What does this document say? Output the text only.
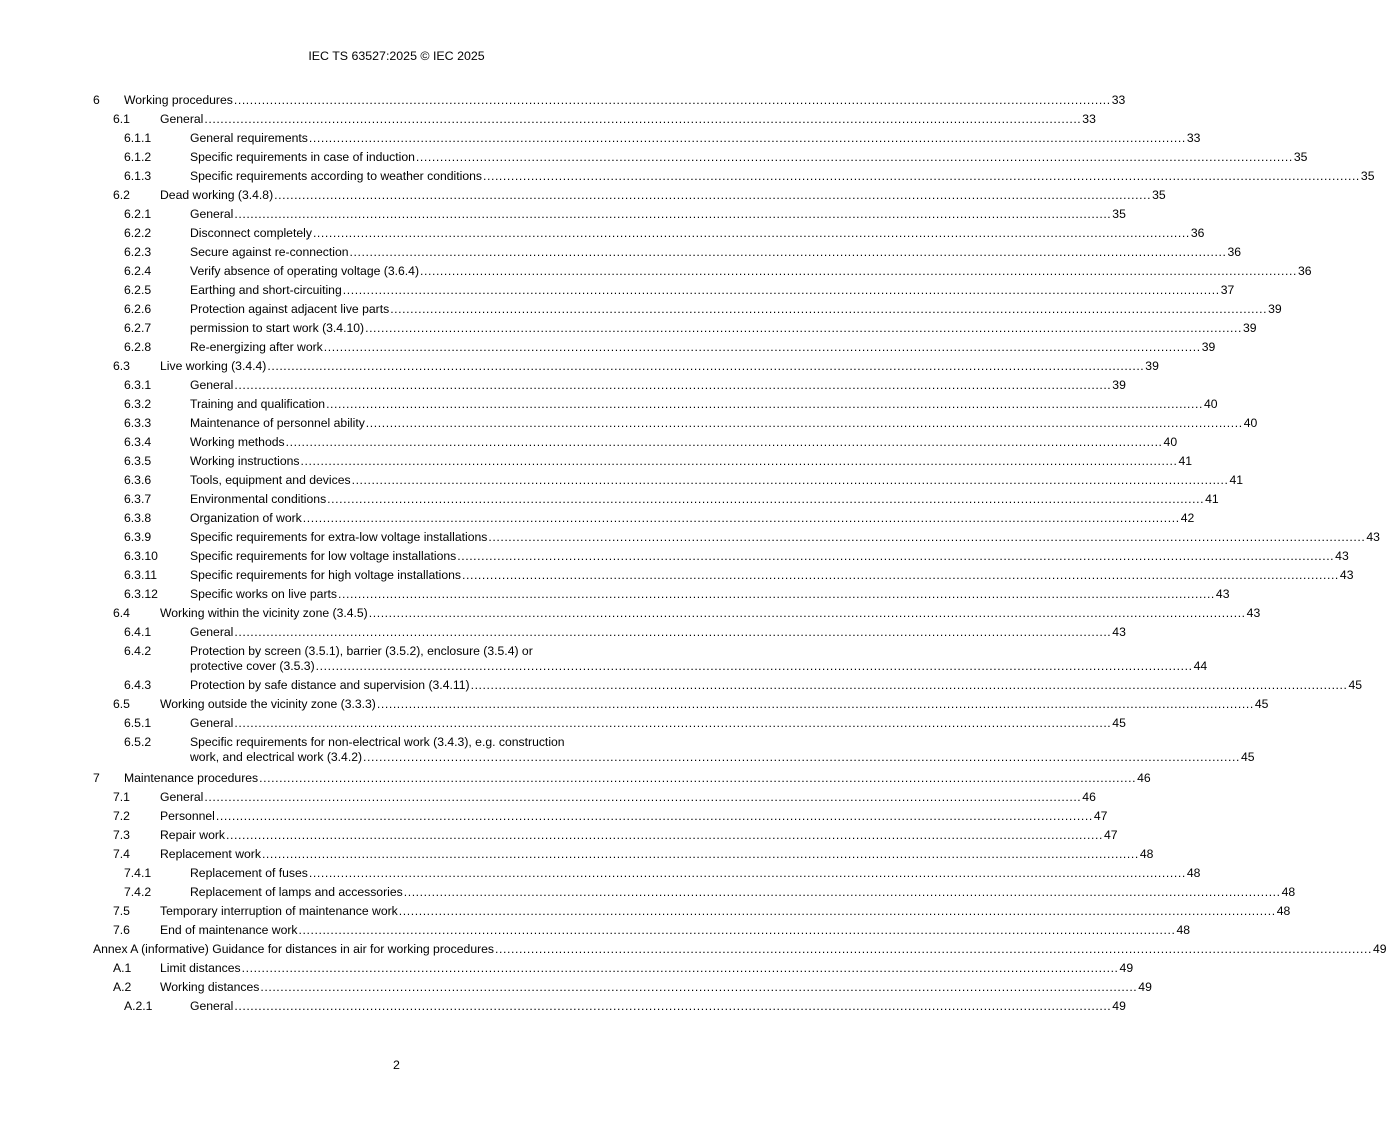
IEC TS 63527:2025 © IEC 2025
6 Working procedures ............................................................................................................................................................................................................................ 33
6.1 General ............................................................................................................................................................................................................................ 33
6.1.1	General requirements ............................................................................................................................................................................................................................ 33
6.1.2	Specific requirements in case of induction ............................................................................................................................................................................................................................ 35
6.1.3	Specific requirements according to weather conditions ............................................................................................................................................................................................................................ 35
6.2 Dead working (3.4.8) ............................................................................................................................................................................................................................ 35
6.2.1	General ............................................................................................................................................................................................................................ 35
6.2.2	Disconnect completely ............................................................................................................................................................................................................................ 36
6.2.3	Secure against re-connection ............................................................................................................................................................................................................................ 36
6.2.4	Verify absence of operating voltage (3.6.4) ............................................................................................................................................................................................................................ 36
6.2.5	Earthing and short-circuiting ............................................................................................................................................................................................................................ 37
6.2.6	Protection against adjacent live parts ............................................................................................................................................................................................................................ 39
6.2.7	permission to start work (3.4.10) ............................................................................................................................................................................................................................ 39
6.2.8	Re-energizing after work ............................................................................................................................................................................................................................ 39
6.3 Live working (3.4.4) ............................................................................................................................................................................................................................ 39
6.3.1	General ............................................................................................................................................................................................................................ 39
6.3.2	Training and qualification ............................................................................................................................................................................................................................ 40
6.3.3	Maintenance of personnel ability ............................................................................................................................................................................................................................ 40
6.3.4	Working methods ............................................................................................................................................................................................................................ 40
6.3.5	Working instructions ............................................................................................................................................................................................................................ 41
6.3.6	Tools, equipment and devices ............................................................................................................................................................................................................................ 41
6.3.7	Environmental conditions ............................................................................................................................................................................................................................ 41
6.3.8	Organization of work ............................................................................................................................................................................................................................ 42
6.3.9	Specific requirements for extra-low voltage installations ............................................................................................................................................................................................................................ 43
6.3.10	Specific requirements for low voltage installations ............................................................................................................................................................................................................................ 43
6.3.11	Specific requirements for high voltage installations ............................................................................................................................................................................................................................ 43
6.3.12	Specific works on live parts ............................................................................................................................................................................................................................ 43
6.4 Working within the vicinity zone (3.4.5) ............................................................................................................................................................................................................................ 43
6.4.1	General ............................................................................................................................................................................................................................ 43
6.4.2	Protection by screen (3.5.1), barrier (3.5.2), enclosure (3.5.4) or
protective cover (3.5.3) ............................................................................................................................................................................................................................ 44
6.4.3	Protection by safe distance and supervision (3.4.11) ............................................................................................................................................................................................................................ 45
6.5 Working outside the vicinity zone (3.3.3) ............................................................................................................................................................................................................................ 45
6.5.1	General ............................................................................................................................................................................................................................ 45
6.5.2	Specific requirements for non-electrical work (3.4.3), e.g. construction
work, and electrical work (3.4.2) ............................................................................................................................................................................................................................ 45
7 Maintenance procedures ............................................................................................................................................................................................................................ 46
7.1 General ............................................................................................................................................................................................................................ 46
7.2 Personnel ............................................................................................................................................................................................................................ 47
7.3 Repair work ............................................................................................................................................................................................................................ 47
7.4 Replacement work ............................................................................................................................................................................................................................ 48
7.4.1	Replacement of fuses ............................................................................................................................................................................................................................ 48
7.4.2	Replacement of lamps and accessories ............................................................................................................................................................................................................................ 48
7.5 Temporary interruption of maintenance work ............................................................................................................................................................................................................................ 48
7.6 End of maintenance work ............................................................................................................................................................................................................................ 48
Annex A (informative) Guidance for distances in air for working procedures ............................................................................................................................................................................................................................ 49
A.1 Limit distances ............................................................................................................................................................................................................................ 49
A.2 Working distances ............................................................................................................................................................................................................................ 49
A.2.1	General ............................................................................................................................................................................................................................ 49
2
